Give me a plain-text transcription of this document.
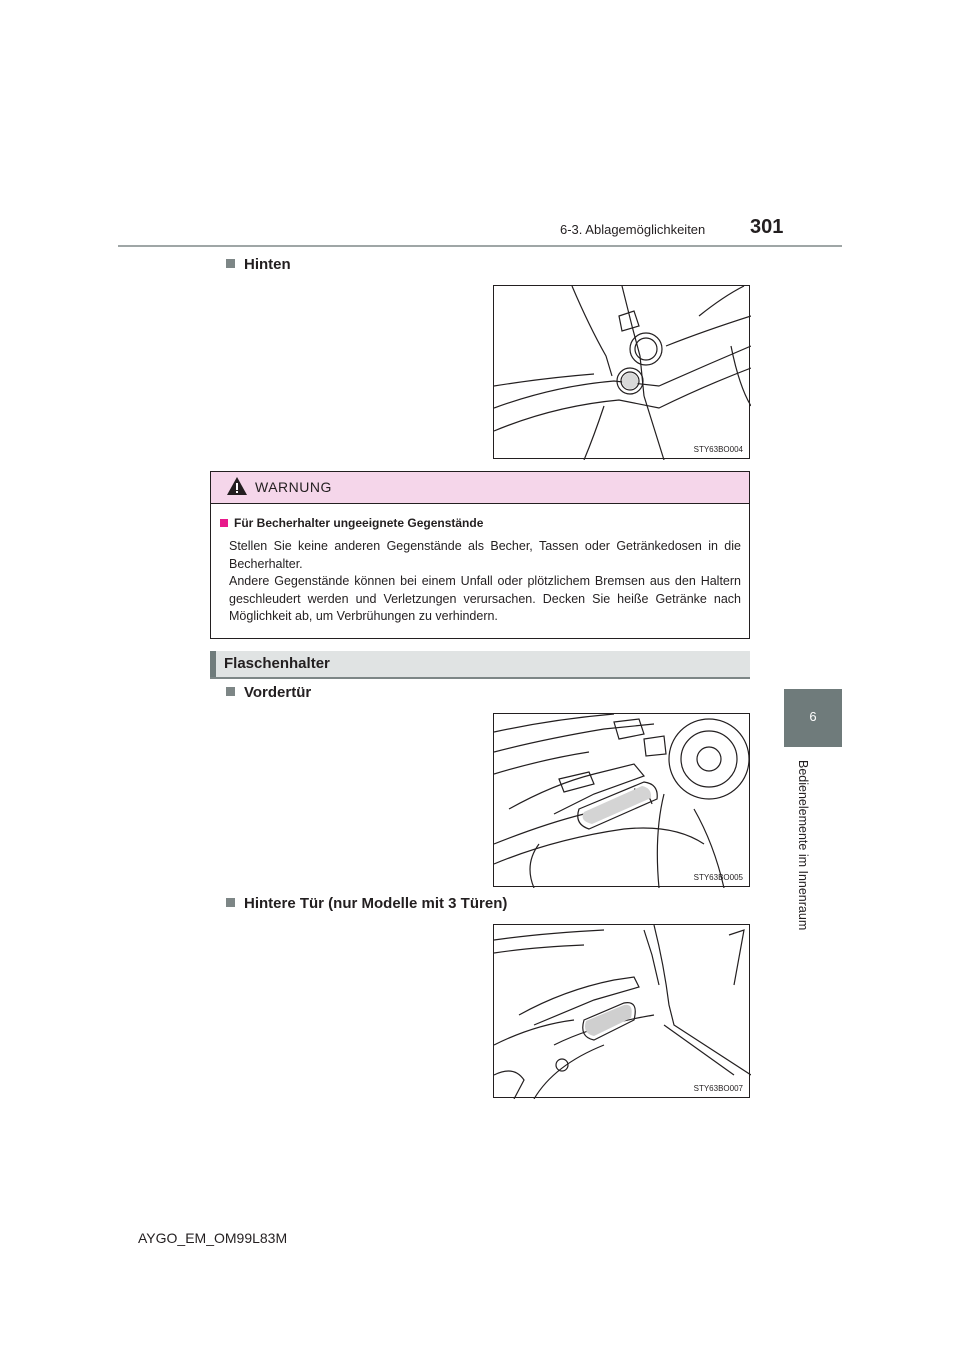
6-3. Ablagemöglichkeiten 301
6
Bedienelemente im Innenraum
Hinten
STY63BO004
WARNUNG
Für Becherhalter ungeeignete Gegenstände

Stellen Sie keine anderen Gegenstände als Becher, Tassen oder Getränkedosen in die Becherhalter.

Andere Gegenstände können bei einem Unfall oder plötzlichem Bremsen aus den Haltern geschleudert werden und Verletzungen verursachen. Decken Sie heiße Getränke nach Möglichkeit ab, um Verbrühungen zu verhindern.

Flaschenhalter
Vordertür
STY63BO005
Hintere Tür (nur Modelle mit 3 Türen)
STY63BO007
AYGO_EM_OM99L83M
